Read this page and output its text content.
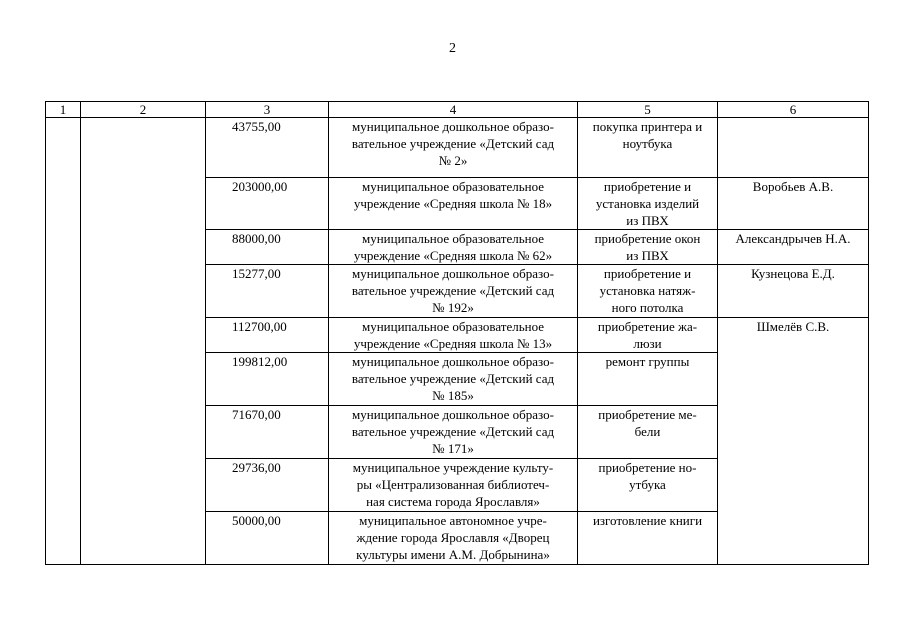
2
1	2	3	4	5	6
		43755,00	муниципальное дошкольное образо-
вательное учреждение «Детский сад
№ 2»	покупка принтера и
ноутбука	

		203000,00	муниципальное образовательное
учреждение «Средняя школа № 18»	приобретение и
установка изделий
из ПВХ	Воробьев А.В.
		88000,00	муниципальное образовательное
учреждение «Средняя школа № 62»	приобретение окон
из ПВХ	Александрычев Н.А.
		15277,00	муниципальное дошкольное образо-
вательное учреждение «Детский сад
№ 192»	приобретение и
установка натяж-
ного потолка	Кузнецова Е.Д.
		112700,00	муниципальное образовательное
учреждение «Средняя школа № 13»	приобретение жа-
люзи	Шмелёв С.В.
		199812,00	муниципальное дошкольное образо-
вательное учреждение «Детский сад
№ 185»	ремонт группы	

		71670,00	муниципальное дошкольное образо-
вательное учреждение «Детский сад
№ 171»	приобретение ме-
бели	

		29736,00	муниципальное учреждение культу-
ры «Централизованная библиотеч-
ная система города Ярославля»	приобретение но-
утбука	

		50000,00	муниципальное автономное учре-
ждение города Ярославля «Дворец
культуры имени А.М. Добрынина»	изготовление книги	
